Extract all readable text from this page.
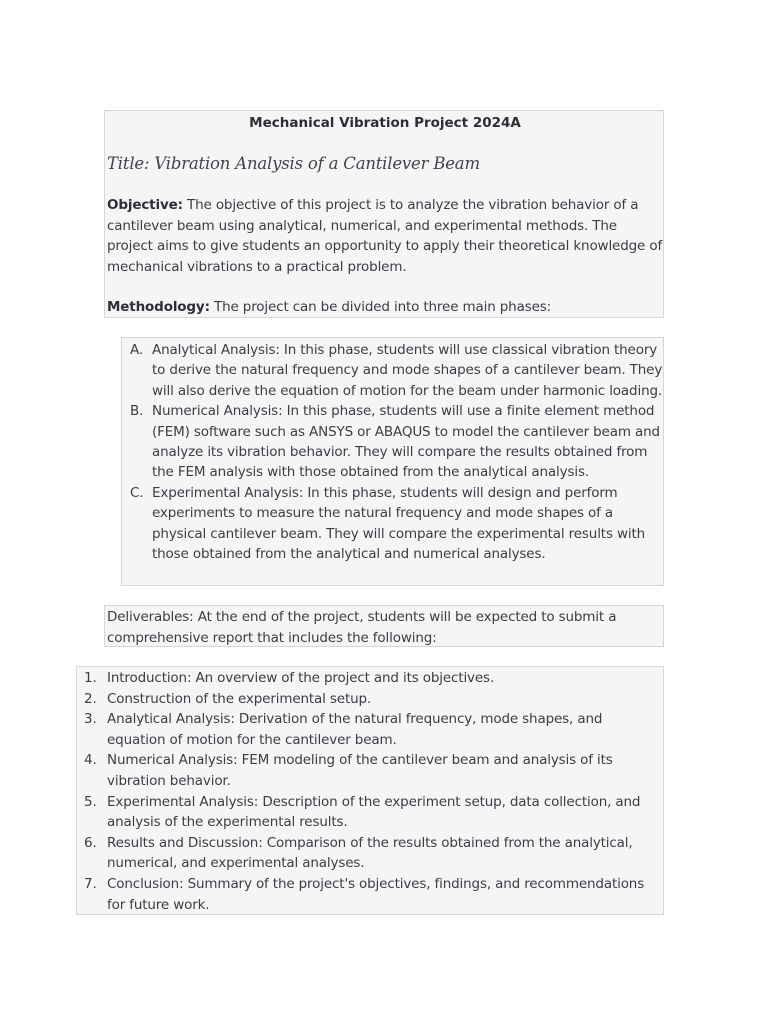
Mechanical Vibration Project 2024A

Title: Vibration Analysis of a Cantilever Beam

Objective: The objective of this project is to analyze the vibration behavior of a cantilever beam using analytical, numerical, and experimental methods. The project aims to give students an opportunity to apply their theoretical knowledge of mechanical vibrations to a practical problem.

Methodology: The project can be divided into three main phases:

A. Analytical Analysis: In this phase, students will use classical vibration theory to derive the natural frequency and mode shapes of a cantilever beam. They will also derive the equation of motion for the beam under harmonic loading.
B. Numerical Analysis: In this phase, students will use a finite element method (FEM) software such as ANSYS or ABAQUS to model the cantilever beam and analyze its vibration behavior. They will compare the results obtained from the FEM analysis with those obtained from the analytical analysis.
C. Experimental Analysis: In this phase, students will design and perform experiments to measure the natural frequency and mode shapes of a physical cantilever beam. They will compare the experimental results with those obtained from the analytical and numerical analyses.

Deliverables: At the end of the project, students will be expected to submit a comprehensive report that includes the following:

1. Introduction: An overview of the project and its objectives.
2. Construction of the experimental setup.
3. Analytical Analysis: Derivation of the natural frequency, mode shapes, and equation of motion for the cantilever beam.
4. Numerical Analysis: FEM modeling of the cantilever beam and analysis of its vibration behavior.
5. Experimental Analysis: Description of the experiment setup, data collection, and analysis of the experimental results.
6. Results and Discussion: Comparison of the results obtained from the analytical, numerical, and experimental analyses.
7. Conclusion: Summary of the project's objectives, findings, and recommendations for future work.
